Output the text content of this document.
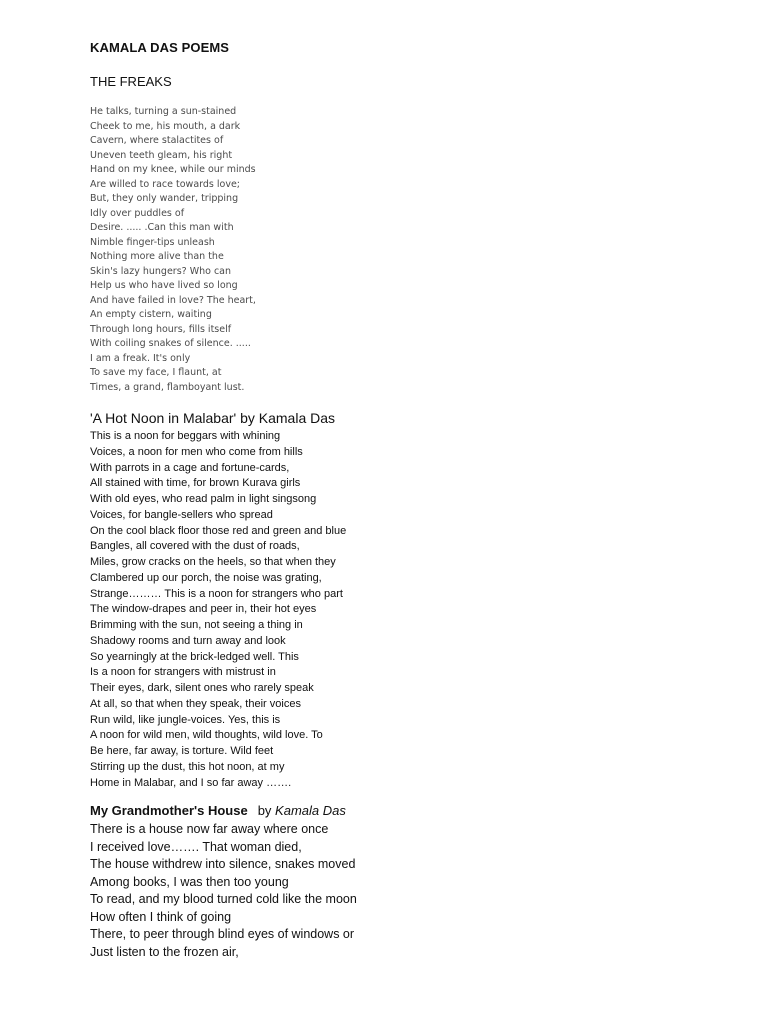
KAMALA DAS POEMS
THE FREAKS
He talks, turning a sun-stained
Cheek to me, his mouth, a dark
Cavern, where stalactites of
Uneven teeth gleam, his right
Hand on my knee, while our minds
Are willed to race towards love;
But, they only wander, tripping
Idly over puddles of
Desire. ..... .Can this man with
Nimble finger-tips unleash
Nothing more alive than the
Skin's lazy hungers? Who can
Help us who have lived so long
And have failed in love? The heart,
An empty cistern, waiting
Through long hours, fills itself
With coiling snakes of silence. .....
I am a freak. It's only
To save my face, I flaunt, at
Times, a grand, flamboyant lust.
'A Hot Noon in Malabar' by Kamala Das
This is a noon for beggars with whining
Voices, a noon for men who come from hills
With parrots in a cage and fortune-cards,
All stained with time, for brown Kurava girls
With old eyes, who read palm in light singsong
Voices, for bangle-sellers who spread
On the cool black floor those red and green and blue
Bangles, all covered with the dust of roads,
Miles, grow cracks on the heels, so that when they
Clambered up our porch, the noise was grating,
Strange……… This is a noon for strangers who part
The window-drapes and peer in, their hot eyes
Brimming with the sun, not seeing a thing in
Shadowy rooms and turn away and look
So yearningly at the brick-ledged well. This
Is a noon for strangers with mistrust in
Their eyes, dark, silent ones who rarely speak
At all, so that when they speak, their voices
Run wild, like jungle-voices. Yes, this is
A noon for wild men, wild thoughts, wild love. To
Be here, far away, is torture. Wild feet
Stirring up the dust, this hot noon, at my
Home in Malabar, and I so far away …….
My Grandmother's House by Kamala Das
There is a house now far away where once
I received love……. That woman died,
The house withdrew into silence, snakes moved
Among books, I was then too young
To read, and my blood turned cold like the moon
How often I think of going
There, to peer through blind eyes of windows or
Just listen to the frozen air,
